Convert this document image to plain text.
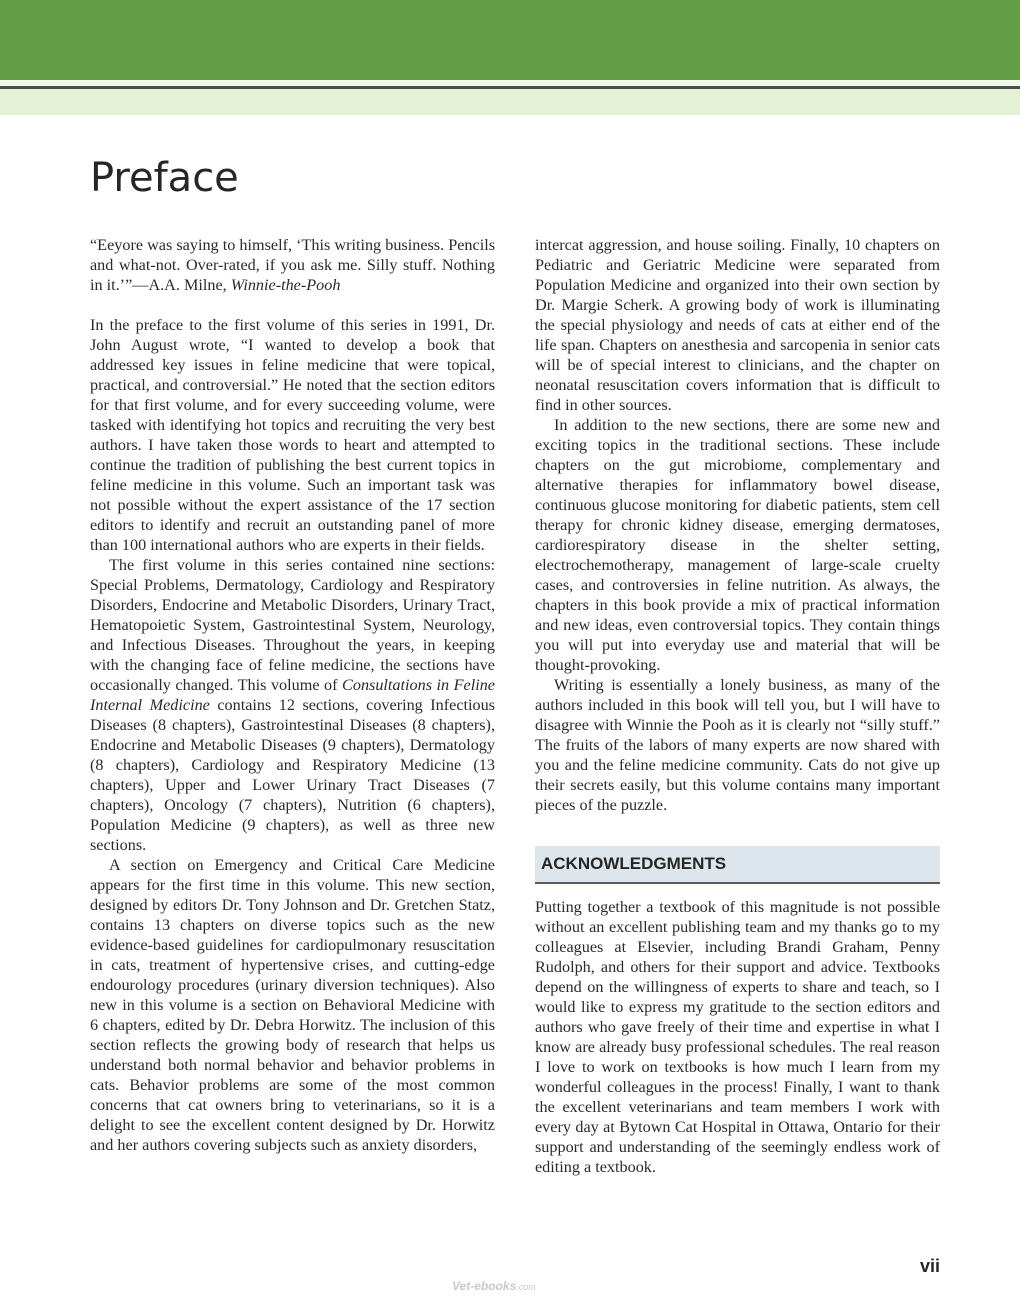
Preface

“Eeyore was saying to himself, ‘This writing business. Pencils and what-not. Over-rated, if you ask me. Silly stuff. Nothing in it.’”—A.A. Milne, Winnie-the-Pooh

In the preface to the first volume of this series in 1991, Dr. John August wrote, “I wanted to develop a book that addressed key issues in feline medicine that were topical, practical, and controversial.” He noted that the section editors for that first volume, and for every succeeding volume, were tasked with identifying hot topics and recruiting the very best authors. I have taken those words to heart and attempted to continue the tradition of publishing the best current topics in feline medicine in this volume. Such an important task was not possible without the expert assistance of the 17 section editors to identify and recruit an outstanding panel of more than 100 international authors who are experts in their fields.

The first volume in this series contained nine sections: Special Problems, Dermatology, Cardiology and Respiratory Disorders, Endocrine and Metabolic Disorders, Urinary Tract, Hematopoietic System, Gastrointestinal System, Neurology, and Infectious Diseases. Throughout the years, in keeping with the changing face of feline medicine, the sections have occasionally changed. This volume of Consultations in Feline Internal Medicine contains 12 sections, covering Infectious Diseases (8 chapters), Gastrointestinal Diseases (8 chapters), Endocrine and Metabolic Diseases (9 chapters), Dermatology (8 chapters), Cardiology and Respiratory Medicine (13 chapters), Upper and Lower Urinary Tract Diseases (7 chapters), Oncology (7 chapters), Nutrition (6 chapters), Population Medicine (9 chapters), as well as three new sections.

A section on Emergency and Critical Care Medicine appears for the first time in this volume. This new section, designed by editors Dr. Tony Johnson and Dr. Gretchen Statz, contains 13 chapters on diverse topics such as the new evidence-based guidelines for cardiopulmonary resuscitation in cats, treatment of hypertensive crises, and cutting-edge endourology procedures (urinary diversion techniques). Also new in this volume is a section on Behavioral Medicine with 6 chapters, edited by Dr. Debra Horwitz. The inclusion of this section reflects the growing body of research that helps us understand both normal behavior and behavior problems in cats. Behavior problems are some of the most common concerns that cat owners bring to veterinarians, so it is a delight to see the excellent content designed by Dr. Horwitz and her authors covering subjects such as anxiety disorders,

intercat aggression, and house soiling. Finally, 10 chapters on Pediatric and Geriatric Medicine were separated from Population Medicine and organized into their own section by Dr. Margie Scherk. A growing body of work is illuminating the special physiology and needs of cats at either end of the life span. Chapters on anesthesia and sarcopenia in senior cats will be of special interest to clinicians, and the chapter on neonatal resuscitation covers information that is difficult to find in other sources.

In addition to the new sections, there are some new and exciting topics in the traditional sections. These include chapters on the gut microbiome, complementary and alternative therapies for inflammatory bowel disease, continuous glucose monitoring for diabetic patients, stem cell therapy for chronic kidney disease, emerging dermatoses, cardiorespiratory disease in the shelter setting, electrochemotherapy, management of large-scale cruelty cases, and controversies in feline nutrition. As always, the chapters in this book provide a mix of practical information and new ideas, even controversial topics. They contain things you will put into everyday use and material that will be thought-provoking.

Writing is essentially a lonely business, as many of the authors included in this book will tell you, but I will have to disagree with Winnie the Pooh as it is clearly not “silly stuff.” The fruits of the labors of many experts are now shared with you and the feline medicine community. Cats do not give up their secrets easily, but this volume contains many important pieces of the puzzle.

ACKNOWLEDGMENTS

Putting together a textbook of this magnitude is not possible without an excellent publishing team and my thanks go to my colleagues at Elsevier, including Brandi Graham, Penny Rudolph, and others for their support and advice. Textbooks depend on the willingness of experts to share and teach, so I would like to express my gratitude to the section editors and authors who gave freely of their time and expertise in what I know are already busy professional schedules. The real reason I love to work on textbooks is how much I learn from my wonderful colleagues in the process! Finally, I want to thank the excellent veterinarians and team members I work with every day at Bytown Cat Hospital in Ottawa, Ontario for their support and understanding of the seemingly endless work of editing a textbook.

vii
Vet-ebooks.com
